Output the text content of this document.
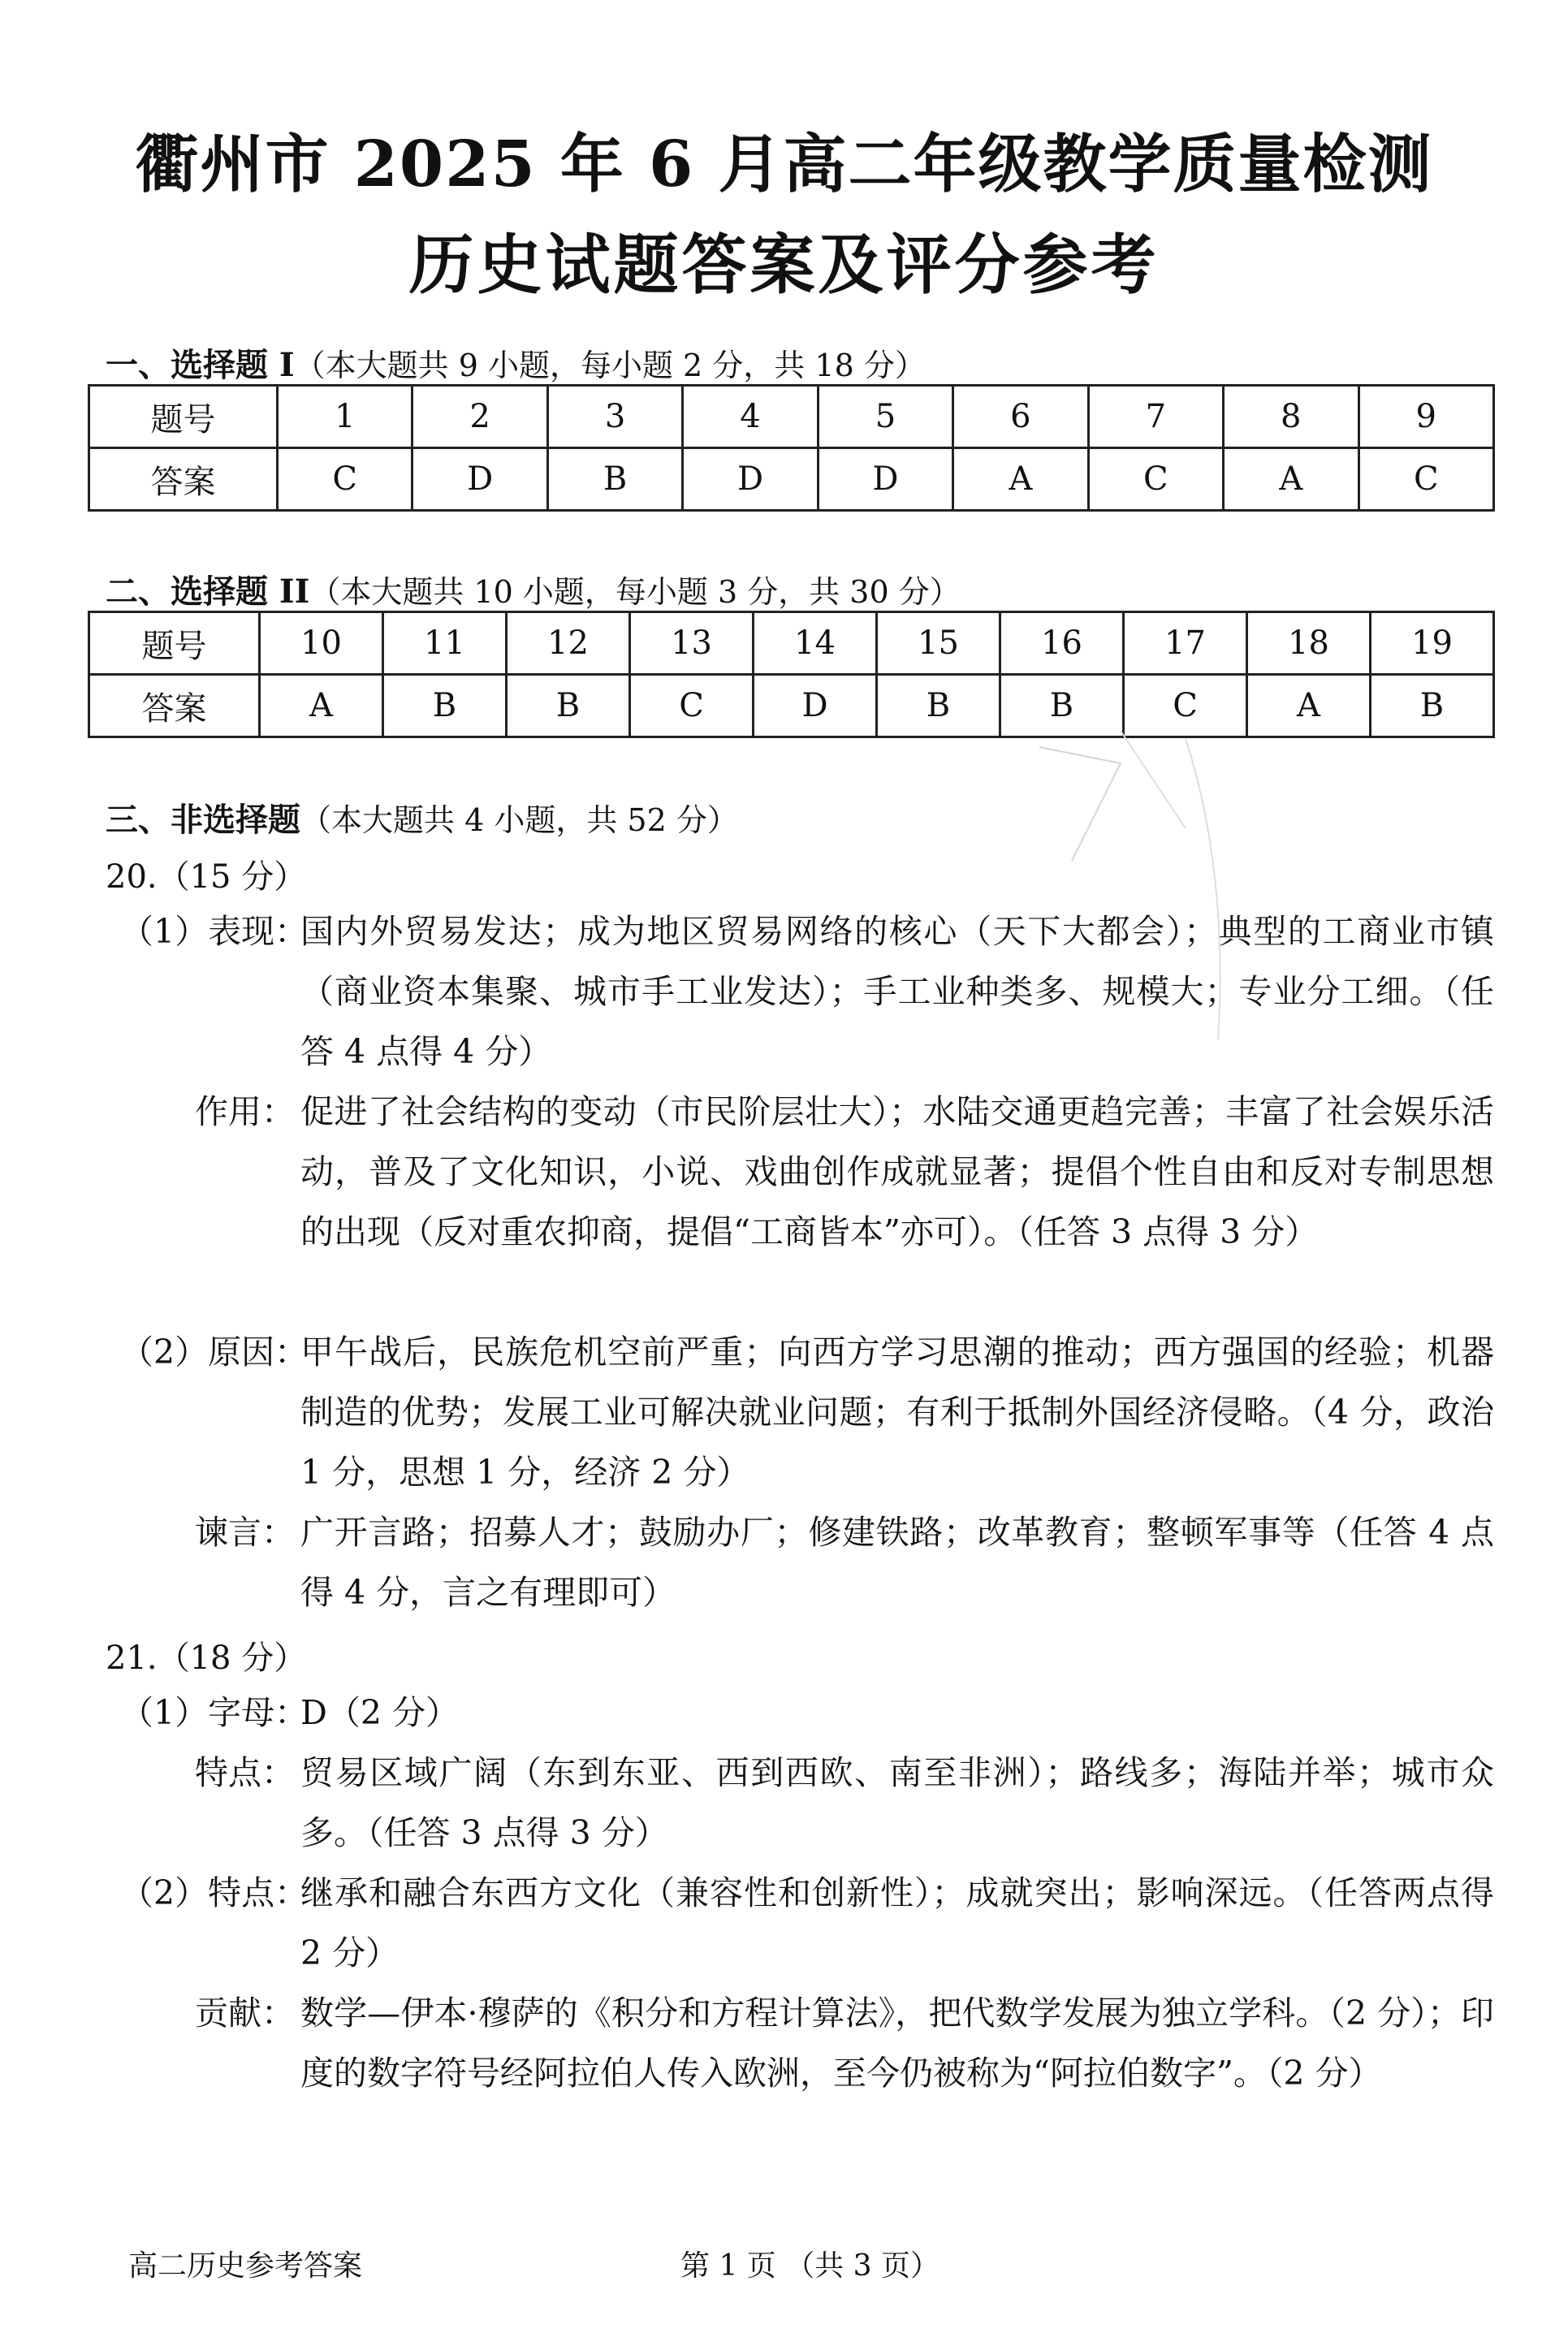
衢州市 2025 年 6 月高二年级教学质量检测
历史试题答案及评分参考
一、选择题 I（本大题共 9 小题，每小题 2 分，共 18 分）
题号	1	2	3	4	5	6	7	8	9
答案	C	D	B	D	D	A	C	A	C
二、选择题 II（本大题共 10 小题，每小题 3 分，共 30 分）
题号	10	11	12	13	14	15	16	17	18	19
答案	A	B	B	C	D	B	B	C	A	B
三、非选择题（本大题共 4 小题，共 52 分）
20.（15 分）
（1）表现：
国内外贸易发达；成为地区贸易网络的核心（天下大都会）；典型的工商业市镇（商业资本集聚、城市手工业发达）；手工业种类多、规模大；专业分工细。（任答 4 点得 4 分）
作用： 促进了社会结构的变动（市民阶层壮大）；水陆交通更趋完善；丰富了社会娱乐活动，普及了文化知识，小说、戏曲创作成就显著；提倡个性自由和反对专制思想的出现（反对重农抑商，提倡“工商皆本”亦可）。（任答 3 点得 3 分）
（2）原因：
甲午战后，民族危机空前严重；向西方学习思潮的推动；西方强国的经验；机器制造的优势；发展工业可解决就业问题；有利于抵制外国经济侵略。（4 分，政治 1 分，思想 1 分，经济 2 分）
谏言： 广开言路；招募人才；鼓励办厂；修建铁路；改革教育；整顿军事等（任答 4 点得 4 分，言之有理即可）
21.（18 分）
（1）字母：
D（2 分）
特点： 贸易区域广阔（东到东亚、西到西欧、南至非洲）；路线多；海陆并举；城市众多。（任答 3 点得 3 分）
（2）特点：
继承和融合东西方文化（兼容性和创新性）；成就突出；影响深远。（任答两点得 2 分）
贡献： 数学—伊本·穆萨的《积分和方程计算法》，把代数学发展为独立学科。（2 分）；印度的数字符号经阿拉伯人传入欧洲，至今仍被称为“阿拉伯数字”。（2 分）
高二历史参考答案	第 1 页 （共 3 页）
